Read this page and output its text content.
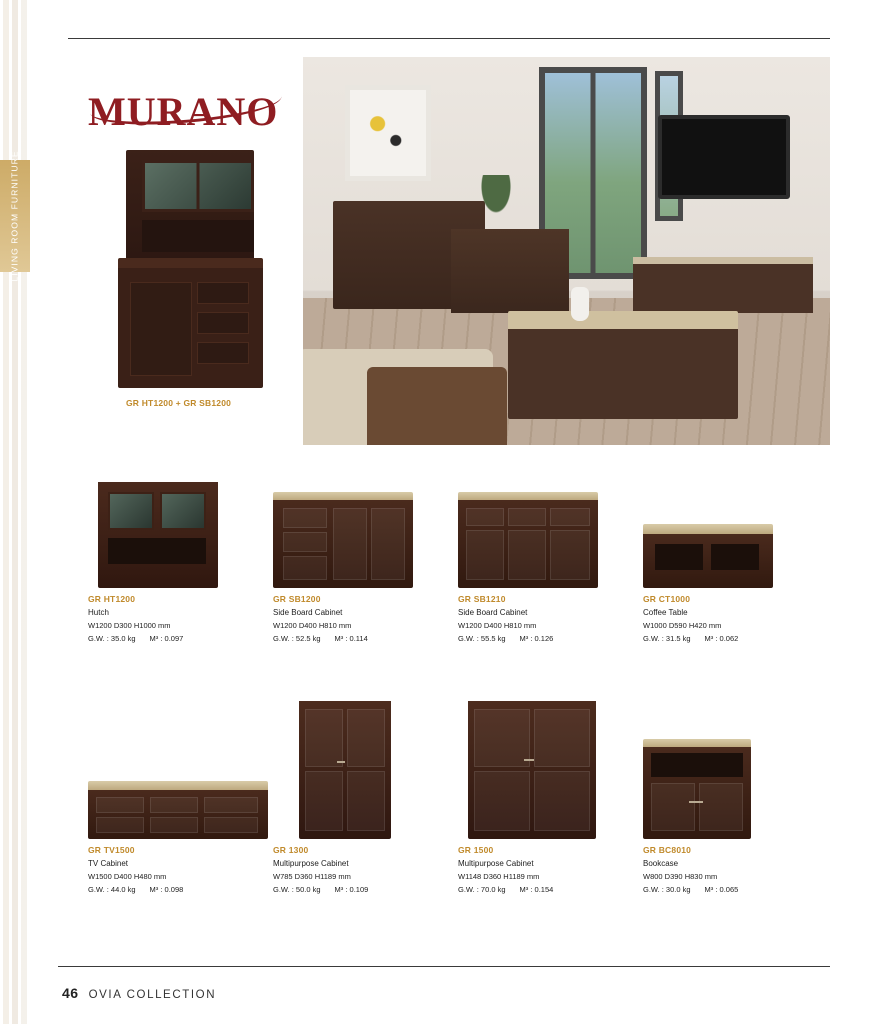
LIVING ROOM FURNITURE
MURANO
GR HT1200 + GR SB1200
GR HT1200
Hutch
W1200 D300 H1000 mm
G.W. : 35.0 kg M³ : 0.097
GR SB1200
Side Board Cabinet
W1200 D400 H810 mm
G.W. : 52.5 kg M³ : 0.114
GR SB1210
Side Board Cabinet
W1200 D400 H810 mm
G.W. : 55.5 kg M³ : 0.126
GR CT1000
Coffee Table
W1000 D590 H420 mm
G.W. : 31.5 kg M³ : 0.062
GR TV1500
TV Cabinet
W1500 D400 H480 mm
G.W. : 44.0 kg M³ : 0.098
GR 1300
Multipurpose Cabinet
W785 D360 H1189 mm
G.W. : 50.0 kg M³ : 0.109
GR 1500
Multipurpose Cabinet
W1148 D360 H1189 mm
G.W. : 70.0 kg M³ : 0.154
GR BC8010
Bookcase
W800 D390 H830 mm
G.W. : 30.0 kg M³ : 0.065
46 OVIA COLLECTION
